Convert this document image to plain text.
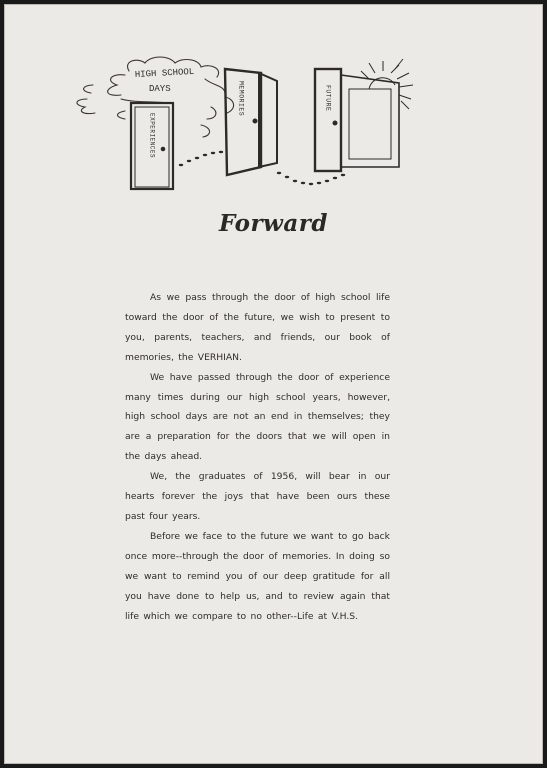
HIGH SCHOOL
DAYS
EXPERIENCES
MEMORIES	FUTURE
Forward

As we pass through the door of high school life toward the door of the future, we wish to present to you, parents, teachers, and friends, our book of memories, the VERHIAN.

We have passed through the door of experience many times during our high school years, however, high school days are not an end in themselves; they are a preparation for the doors that we will open in the days ahead.

We, the graduates of 1956, will bear in our hearts forever the joys that have been ours these past four years.

Before we face to the future we want to go back once more--through the door of memories. In doing so we want to remind you of our deep gratitude for all you have done to help us, and to review again that life which we compare to no other--Life at V.H.S.
